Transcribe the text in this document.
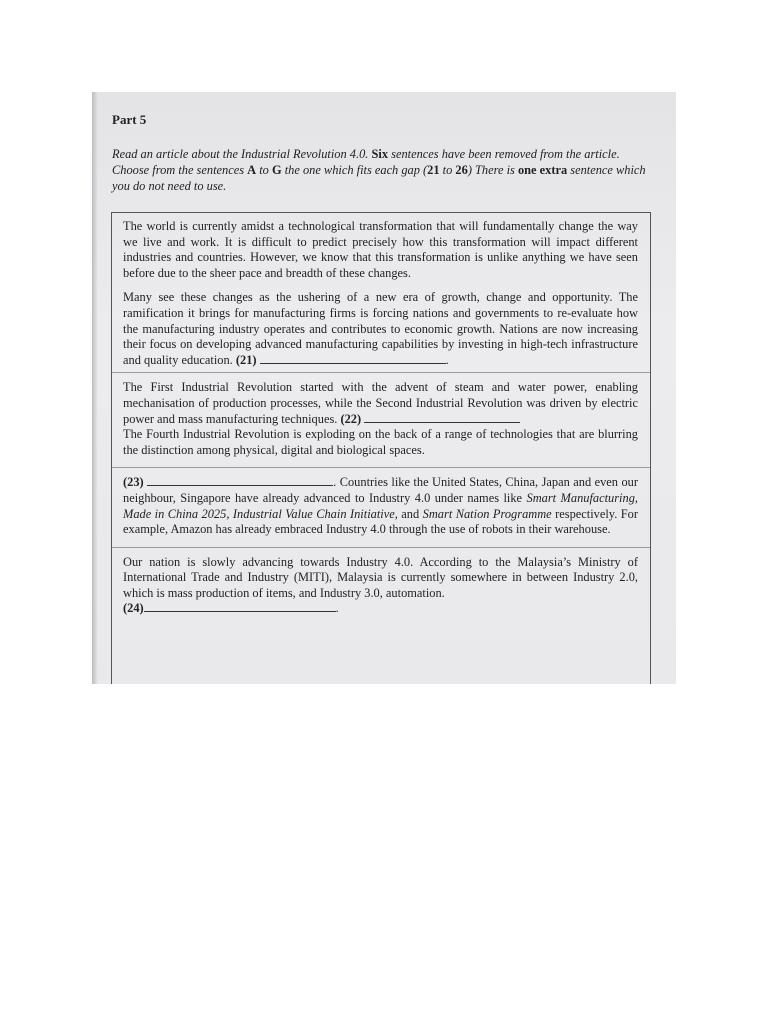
Part 5
Read an article about the Industrial Revolution 4.0. Six sentences have been removed from the article. Choose from the sentences A to G the one which fits each gap (21 to 26) There is one extra sentence which you do not need to use.

The world is currently amidst a technological transformation that will fundamentally change the way we live and work. It is difficult to predict precisely how this transformation will impact different industries and countries. However, we know that this transformation is unlike anything we have seen before due to the sheer pace and breadth of these changes.

Many see these changes as the ushering of a new era of growth, change and opportunity. The ramification it brings for manufacturing firms is forcing nations and governments to re-evaluate how the manufacturing industry operates and contributes to economic growth. Nations are now increasing their focus on developing advanced manufacturing capabilities by investing in high-tech infrastructure and quality education. (21)	.

The First Industrial Revolution started with the advent of steam and water power, enabling mechanisation of production processes, while the Second Industrial Revolution was driven by electric power and mass manufacturing techniques. (22)
The Fourth Industrial Revolution is exploding on the back of a range of technologies that are blurring the distinction among physical, digital and biological spaces.

(23)	. Countries like the United States, China, Japan and even our neighbour, Singapore have already advanced to Industry 4.0 under names like Smart Manufacturing, Made in China 2025, Industrial Value Chain Initiative, and Smart Nation Programme respectively. For example, Amazon has already embraced Industry 4.0 through the use of robots in their warehouse.

Our nation is slowly advancing towards Industry 4.0. According to the Malaysia’s Ministry of International Trade and Industry (MITI), Malaysia is currently somewhere in between Industry 2.0, which is mass production of items, and Industry 3.0, automation.
(24)	.
